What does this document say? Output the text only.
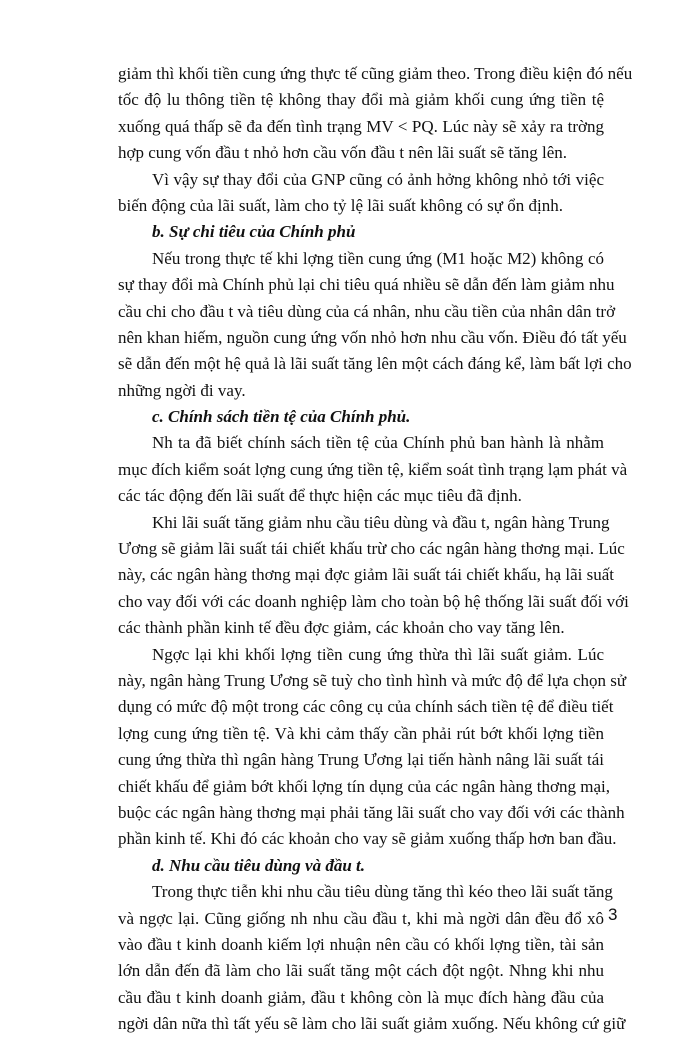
giảm thì khối tiền cung ứng thực tế cũng giảm theo. Trong điều kiện đó nếu
tốc độ lu thông tiền tệ không thay đổi mà giảm khối cung ứng tiền tệ
xuống quá thấp sẽ đa đến tình trạng MV < PQ. Lúc này sẽ xảy ra trờng
hợp cung vốn đầu t nhỏ hơn cầu vốn đầu t nên lãi suất sẽ tăng lên.
Vì vậy sự thay đổi của GNP cũng có ảnh hởng không nhỏ tới việc
biến động của lãi suất, làm cho tỷ lệ lãi suất không có sự ổn định.
b. Sự chi tiêu của Chính phủ
Nếu trong thực tế khi lợng tiền cung ứng (M1 hoặc M2) không có
sự thay đổi mà Chính phủ lại chi tiêu quá nhiều sẽ dẫn đến làm giảm nhu
cầu chi cho đầu t và tiêu dùng của cá nhân, nhu cầu tiền của nhân dân trở
nên khan hiếm, nguồn cung ứng vốn nhỏ hơn nhu cầu vốn. Điều đó tất yếu
sẽ dẫn đến một hệ quả là lãi suất tăng lên một cách đáng kể, làm bất lợi cho
những ngời đi vay.
c. Chính sách tiền tệ của Chính phủ.
Nh ta đã biết chính sách tiền tệ của Chính phủ ban hành là nhằm
mục đích kiểm soát lợng cung ứng tiền tệ, kiểm soát tình trạng lạm phát và
các tác động đến lãi suất để thực hiện các mục tiêu đã định.
Khi lãi suất tăng giảm nhu cầu tiêu dùng và đầu t, ngân hàng Trung
Ương sẽ giảm lãi suất tái chiết khấu trừ cho các ngân hàng thơng mại. Lúc
này, các ngân hàng thơng mại đợc giảm lãi suất tái chiết khấu, hạ lãi suất
cho vay đối với các doanh nghiệp làm cho toàn bộ hệ thống lãi suất đối với
các thành phần kinh tế đều đợc giảm, các khoản cho vay tăng lên.
Ngợc lại khi khối lợng tiền cung ứng thừa thì lãi suất giảm. Lúc
này, ngân hàng Trung Ương sẽ tuỳ cho tình hình và mức độ để lựa chọn sử
dụng có mức độ một trong các công cụ của chính sách tiền tệ để điều tiết
lợng cung ứng tiền tệ. Và khi cảm thấy cần phải rút bớt khối lợng tiền
cung ứng thừa thì ngân hàng Trung Ương lại tiến hành nâng lãi suất tái
chiết khấu để giảm bớt khối lợng tín dụng của các ngân hàng thơng mại,
buộc các ngân hàng thơng mại phải tăng lãi suất cho vay đối với các thành
phần kinh tế. Khi đó các khoản cho vay sẽ giảm xuống thấp hơn ban đầu.
d. Nhu cầu tiêu dùng và đầu t.
Trong thực tiễn khi nhu cầu tiêu dùng tăng thì kéo theo lãi suất tăng
và ngợc lại. Cũng giống nh nhu cầu đầu t, khi mà ngời dân đều đổ xô
vào đầu t kinh doanh kiếm lợi nhuận nên cầu có khối lợng tiền, tài sản
lớn dẫn đến đã làm cho lãi suất tăng một cách đột ngột. Nhng khi nhu
cầu đầu t kinh doanh giảm, đầu t không còn là mục đích hàng đầu của
ngời dân nữa thì tất yếu sẽ làm cho lãi suất giảm xuống. Nếu không cứ giữ
3
